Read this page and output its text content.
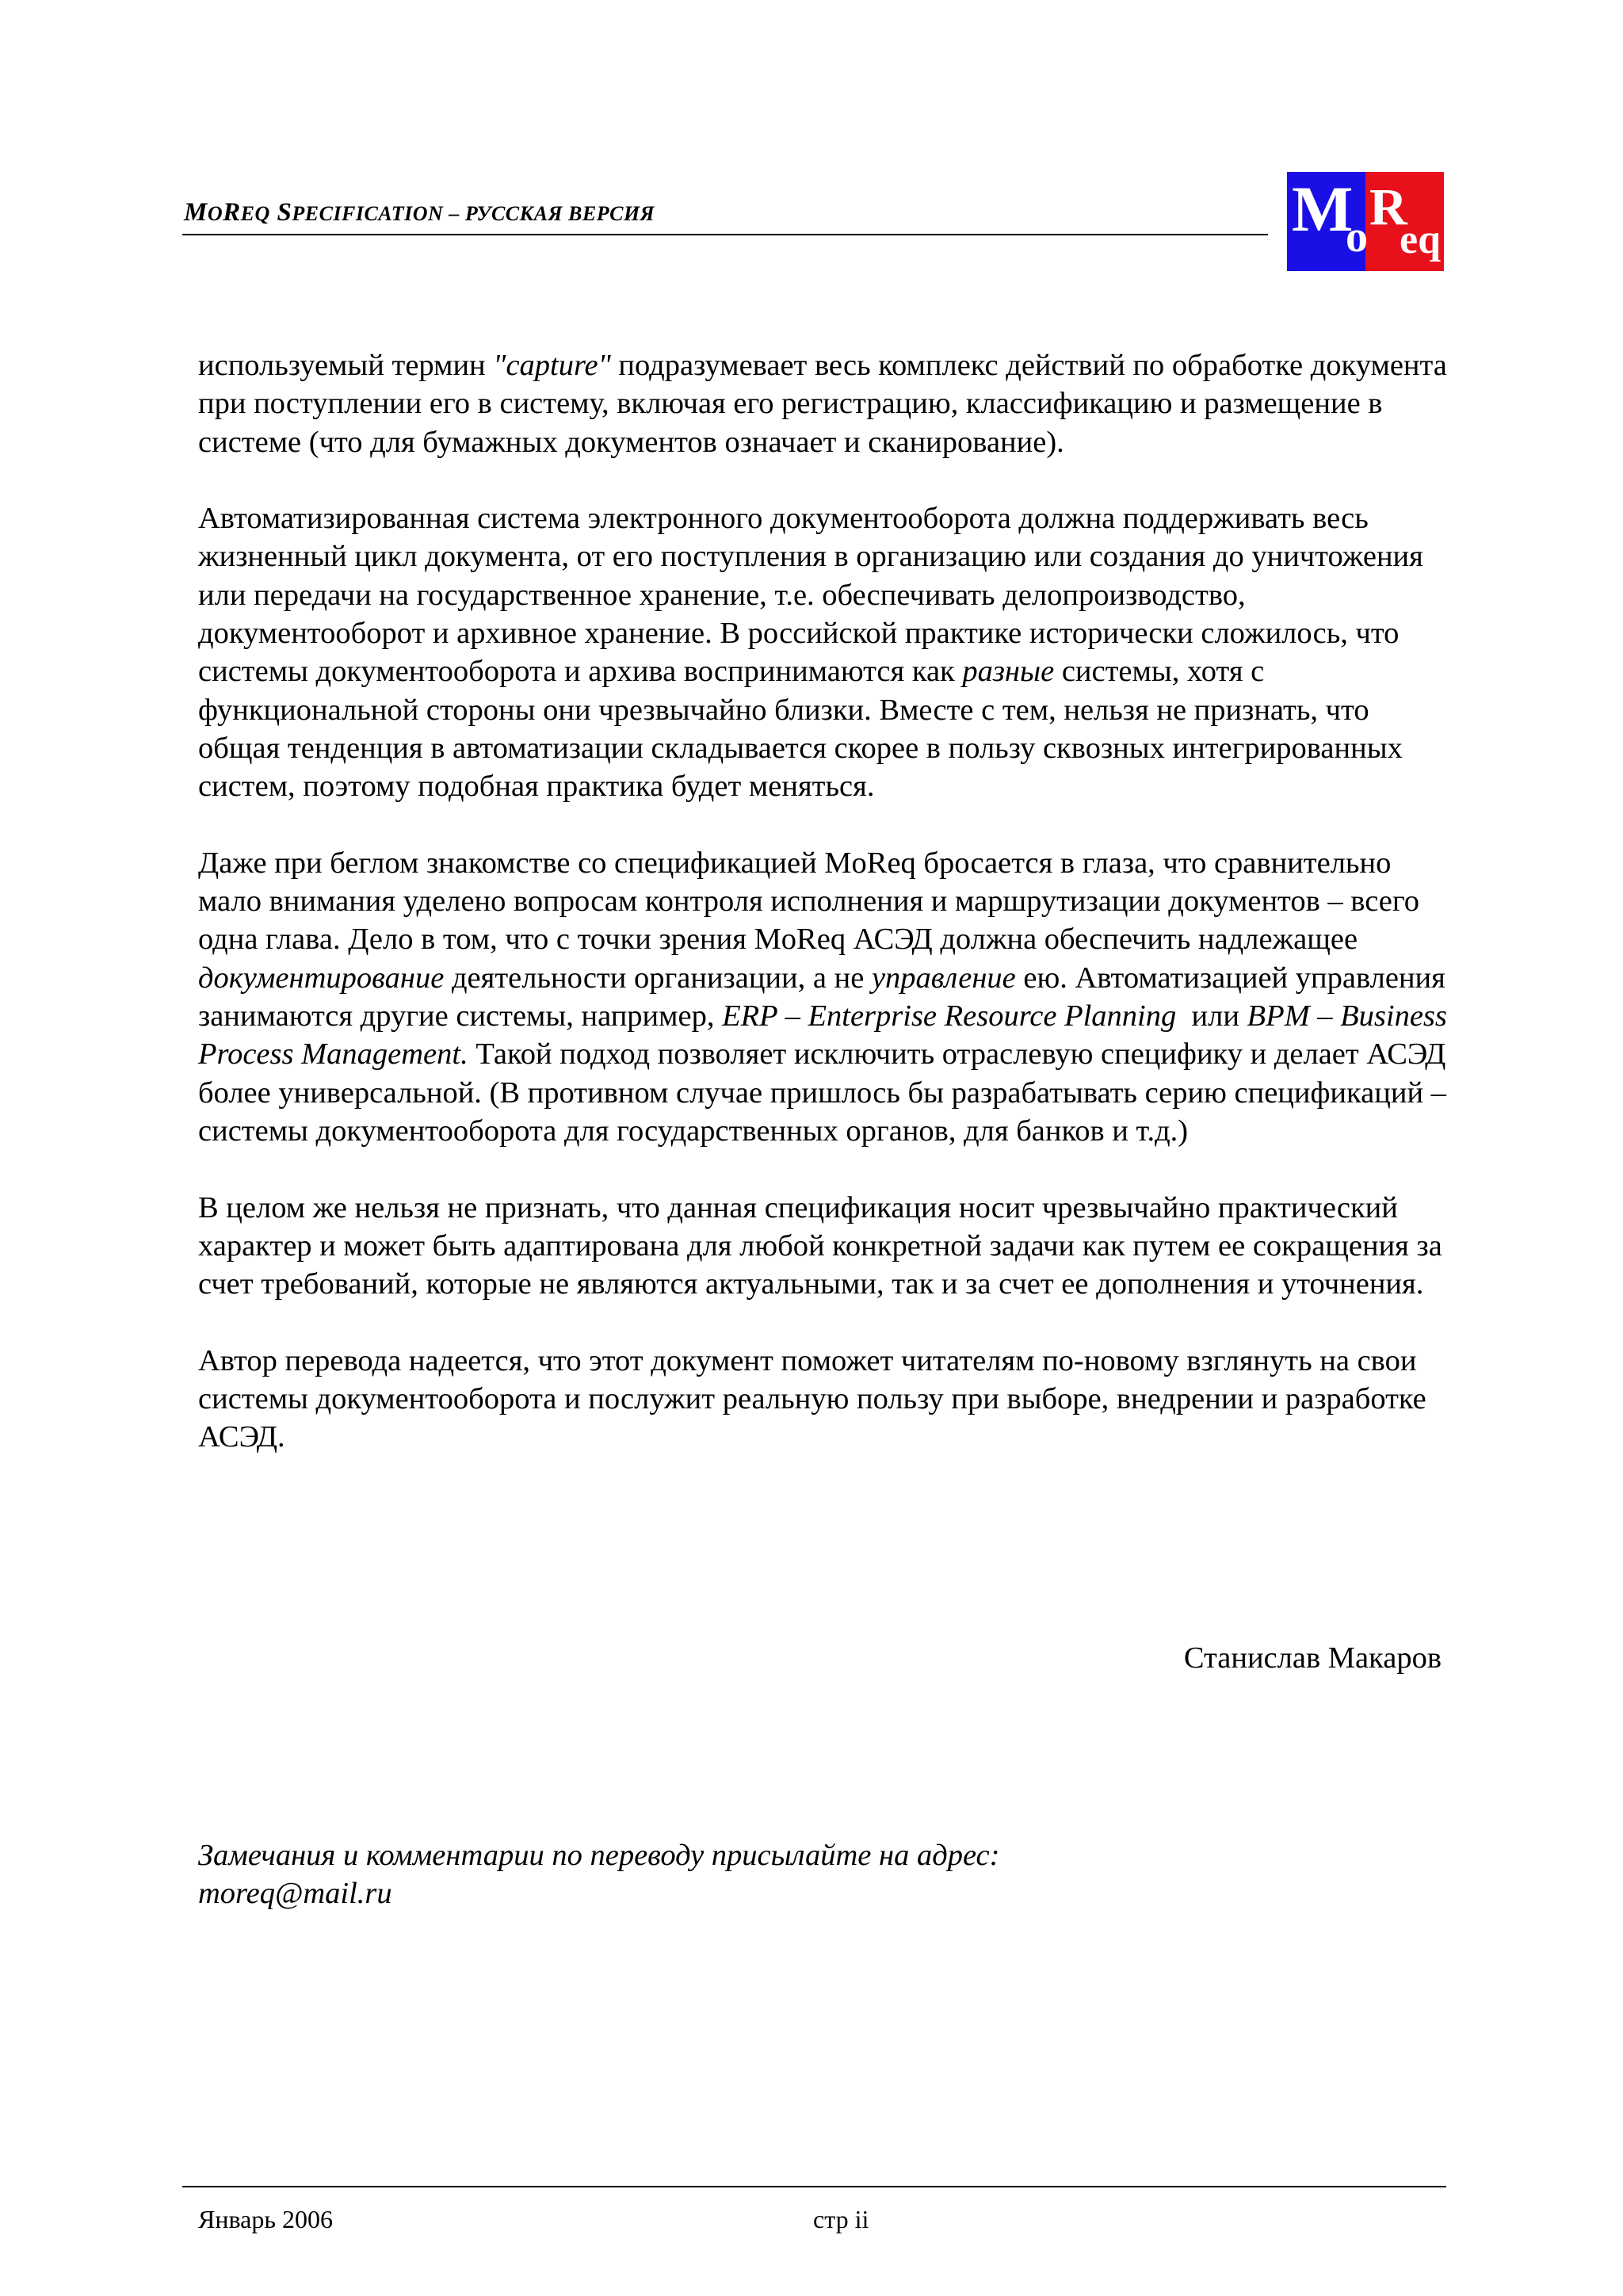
MOREQ SPECIFICATION – РУССКАЯ ВЕРСИЯ	M
o
R
eq

используемый термин "capture" подразумевает весь комплекс действий по обработке документа при поступлении его в систему, включая его регистрацию, классификацию и размещение в системе (что для бумажных документов означает и сканирование).

Автоматизированная система электронного документооборота должна поддерживать весь жизненный цикл документа, от его поступления в организацию или создания до уничтожения или передачи на государственное хранение, т.е. обеспечивать делопроизводство, документооборот и архивное хранение. В российской практике исторически сложилось, что системы документооборота и архива воспринимаются как разные системы, хотя с функциональной стороны они чрезвычайно близки. Вместе с тем, нельзя не признать, что общая тенденция в автоматизации складывается скорее в пользу сквозных интегрированных систем, поэтому подобная практика будет меняться.

Даже при беглом знакомстве со спецификацией MoReq бросается в глаза, что сравнительно мало внимания уделено вопросам контроля исполнения и маршрутизации документов – всего одна глава. Дело в том, что с точки зрения MoReq АСЭД должна обеспечить надлежащее документирование деятельности организации, а не управление ею. Автоматизацией управления занимаются другие системы, например, ERP – Enterprise Resource Planning  или BPM – Business Process Management. Такой подход позволяет исключить отраслевую специфику и делает АСЭД более универсальной. (В противном случае пришлось бы разрабатывать серию спецификаций – системы документооборота для государственных органов, для банков и т.д.)

В целом же нельзя не признать, что данная спецификация носит чрезвычайно практический характер и может быть адаптирована для любой конкретной задачи как путем ее сокращения за счет требований, которые не являются актуальными, так и за счет ее дополнения и уточнения.

Автор перевода надеется, что этот документ поможет читателям по-новому взглянуть на свои системы документооборота и послужит реальную пользу при выборе, внедрении и разработке АСЭД.

Станислав Макаров
Замечания и комментарии по переводу присылайте на адрес:
moreq@mail.ru
Январь 2006	стр ii
